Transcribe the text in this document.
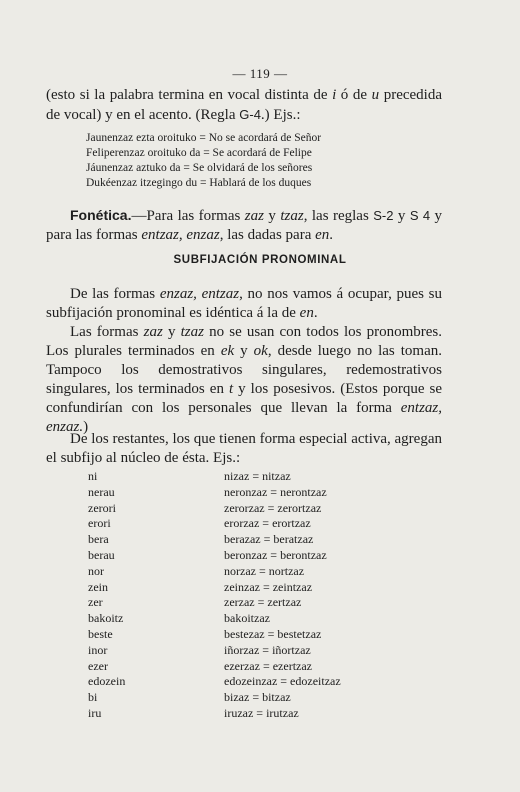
— 119 —

(esto si la palabra termina en vocal distinta de i ó de u precedida de vocal) y en el acento. (Regla G-4.) Ejs.:

Jaunenzaz ezta oroituko = No se acordará de Señor
Feliperenzaz oroituko da = Se acordará de Felipe
Jáunenzaz aztuko da = Se olvidará de los señores
Dukéenzaz itzegingo du = Hablará de los duques

Fonética.—Para las formas zaz y tzaz, las reglas S-2 y S 4 y para las formas entzaz, enzaz, las dadas para en.

SUBFIJACIÓN PRONOMINAL

De las formas enzaz, entzaz, no nos vamos á ocupar, pues su subfijación pronominal es idéntica á la de en.

Las formas zaz y tzaz no se usan con todos los pronombres. Los plurales terminados en ek y ok, desde luego no las toman. Tampoco los demostrativos singulares, redemostrativos singulares, los terminados en t y los posesivos. (Estos porque se confundirían con los personales que llevan la forma entzaz, enzaz.)

De los restantes, los que tienen forma especial activa, agregan el subfijo al núcleo de ésta. Ejs.:

ni	nizaz = nitzaz
nerau	neronzaz = nerontzaz
zerori	zerorzaz = zerortzaz
erori	erorzaz = erortzaz
bera	berazaz = beratzaz
berau	beronzaz = berontzaz
nor	norzaz = nortzaz
zein	zeinzaz = zeintzaz
zer	zerzaz = zertzaz
bakoitz	bakoitzaz
beste	bestezaz = bestetzaz
inor	iñorzaz = iñortzaz
ezer	ezerzaz = ezertzaz
edozein	edozeinzaz = edozeitzaz
bi	bizaz = bitzaz
iru	iruzaz = irutzaz
